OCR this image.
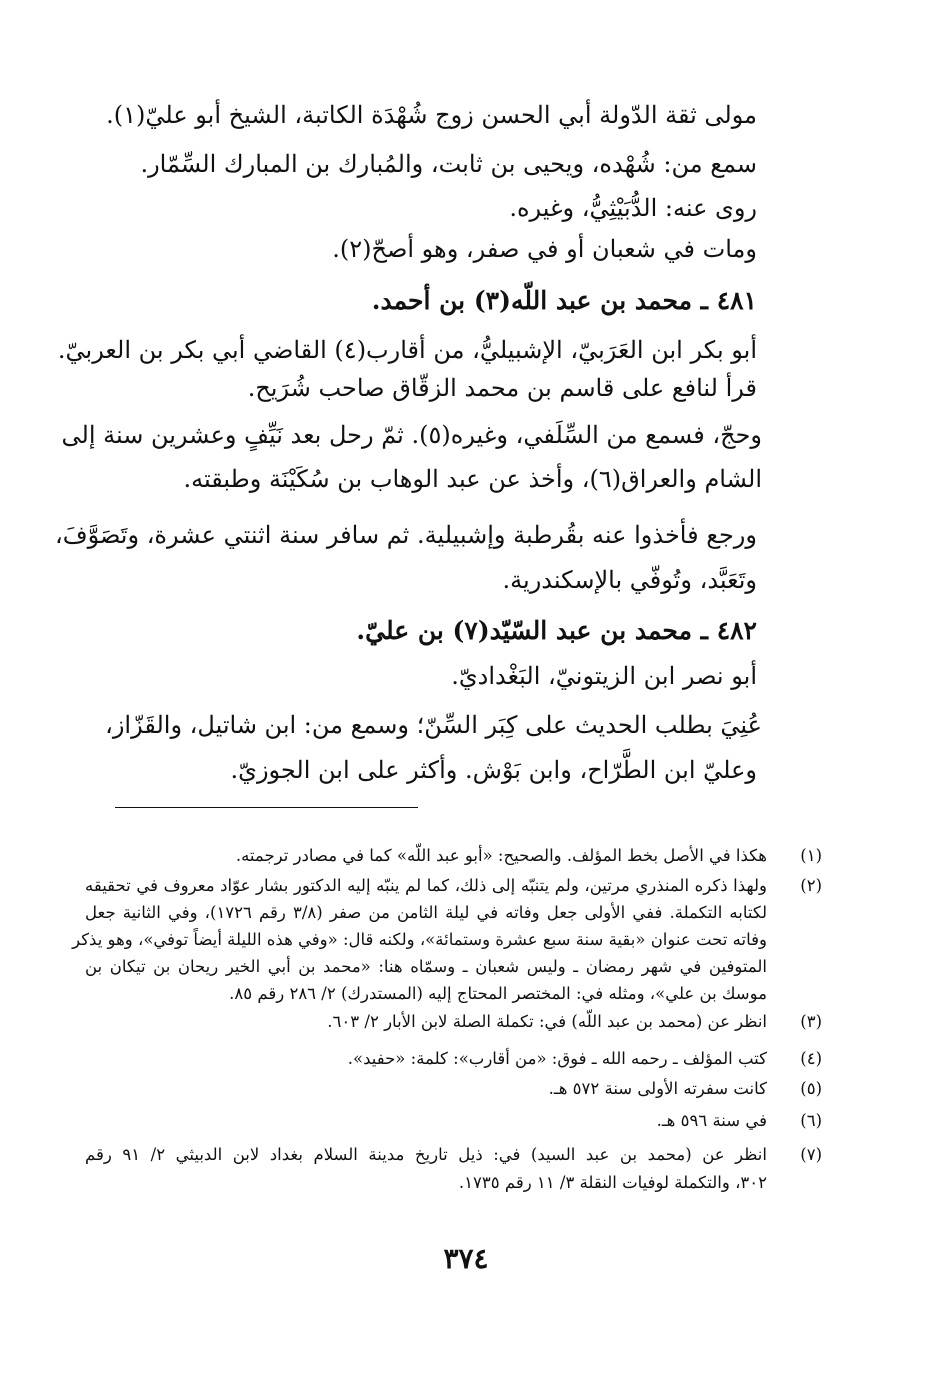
مولى ثقة الدّولة أبي الحسن زوج شُهْدَة الكاتبة، الشيخ أبو عليّ(١).
سمع من: شُهْده، ويحيى بن ثابت، والمُبارك بن المبارك السِّمّار.
روى عنه: الدُّبَيْثِيُّ، وغيره.
ومات في شعبان أو في صفر، وهو أصحّ(٢).
٤٨١ ـ محمد بن عبد اللّه(٣) بن أحمد.
أبو بكر ابن العَرَبيّ، الإشبيليُّ، من أقارب(٤) القاضي أبي بكر بن العربيّ.
قرأ لنافع على قاسم بن محمد الزقّاق صاحب شُرَيح.
وحجّ، فسمع من السِّلَفي، وغيره(٥). ثمّ رحل بعد نَيِّفٍ وعشرين سنة إلى
الشام والعراق(٦)، وأخذ عن عبد الوهاب بن سُكَيْنَة وطبقته.
ورجع فأخذوا عنه بقُرطبة وإشبيلية. ثم سافر سنة اثنتي عشرة، وتَصَوَّفَ،
وتَعَبَّد، وتُوفّي بالإسكندرية.
٤٨٢ ـ محمد بن عبد السّيّد(٧) بن عليّ.
أبو نصر ابن الزيتونيّ، البَغْداديّ.
عُنِيَ بطلب الحديث على كِبَر السِّنّ؛ وسمع من: ابن شاتيل، والقَزّاز،
وعليّ ابن الطَّرّاح، وابن بَوْش. وأكثر على ابن الجوزيّ.
(١)
هكذا في الأصل بخط المؤلف. والصحيح: «أبو عبد اللّه» كما في مصادر ترجمته.
(٢)
ولهذا ذكره المنذري مرتين، ولم يتنبّه إلى ذلك، كما لم ينبّه إليه الدكتور بشار عوّاد معروف في تحقيقه
لكتابه التكملة. ففي الأولى جعل وفاته في ليلة الثامن من صفر (٣/٨ رقم ١٧٢٦)، وفي الثانية جعل
وفاته تحت عنوان «بقية سنة سبع عشرة وستمائة»، ولكنه قال: «وفي هذه الليلة أيضاً توفي»، وهو يذكر
المتوفين في شهر رمضان ـ وليس شعبان ـ وسمّاه هنا: «محمد بن أبي الخير ريحان بن تيكان بن
موسك بن علي»، ومثله في: المختصر المحتاج إليه (المستدرك) ٢/ ٢٨٦ رقم ٨٥.
(٣)
انظر عن (محمد بن عبد اللّه) في: تكملة الصلة لابن الأبار ٢/ ٦٠٣.
(٤)
كتب المؤلف ـ رحمه الله ـ فوق: «من أقارب»: كلمة: «حفيد».
(٥)
كانت سفرته الأولى سنة ٥٧٢ هـ.
(٦)
في سنة ٥٩٦ هـ.
(٧)
انظر عن (محمد بن عبد السيد) في: ذيل تاريخ مدينة السلام بغداد لابن الدبيثي ٢/ ٩١ رقم
٣٠٢، والتكملة لوفيات النقلة ٣/ ١١ رقم ١٧٣٥.
٣٧٤
